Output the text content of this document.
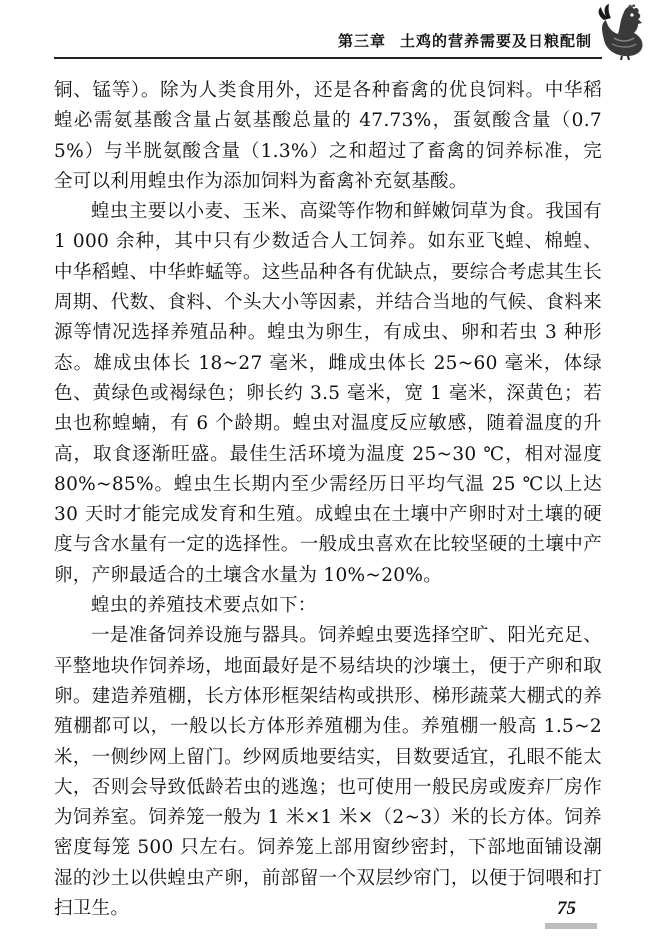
第三章 土鸡的营养需要及日粮配制

铜、锰等）。除为人类食用外，还是各种畜禽的优良饲料。中华稻蝗必需氨基酸含量占氨基酸总量的 47.73%，蛋氨酸含量（0.75%）与半胱氨酸含量（1.3%）之和超过了畜禽的饲养标准，完全可以利用蝗虫作为添加饲料为畜禽补充氨基酸。

蝗虫主要以小麦、玉米、高粱等作物和鲜嫩饲草为食。我国有 1 000 余种，其中只有少数适合人工饲养。如东亚飞蝗、棉蝗、中华稻蝗、中华蚱蜢等。这些品种各有优缺点，要综合考虑其生长周期、代数、食料、个头大小等因素，并结合当地的气候、食料来源等情况选择养殖品种。蝗虫为卵生，有成虫、卵和若虫 3 种形态。雄成虫体长 18~27 毫米，雌成虫体长 25~60 毫米，体绿色、黄绿色或褐绿色；卵长约 3.5 毫米，宽 1 毫米，深黄色；若虫也称蝗蝻，有 6 个龄期。蝗虫对温度反应敏感，随着温度的升高，取食逐渐旺盛。最佳生活环境为温度 25~30 ℃，相对湿度 80%~85%。蝗虫生长期内至少需经历日平均气温 25 ℃以上达 30 天时才能完成发育和生殖。成蝗虫在土壤中产卵时对土壤的硬度与含水量有一定的选择性。一般成虫喜欢在比较坚硬的土壤中产卵，产卵最适合的土壤含水量为 10%~20%。

蝗虫的养殖技术要点如下：

一是准备饲养设施与器具。饲养蝗虫要选择空旷、阳光充足、平整地块作饲养场，地面最好是不易结块的沙壤土，便于产卵和取卵。建造养殖棚，长方体形框架结构或拱形、梯形蔬菜大棚式的养殖棚都可以，一般以长方体形养殖棚为佳。养殖棚一般高 1.5~2 米，一侧纱网上留门。纱网质地要结实，目数要适宜，孔眼不能太大，否则会导致低龄若虫的逃逸；也可使用一般民房或废弃厂房作为饲养室。饲养笼一般为 1 米×1 米×（2~3）米的长方体。饲养密度每笼 500 只左右。饲养笼上部用窗纱密封，下部地面铺设潮湿的沙土以供蝗虫产卵，前部留一个双层纱帘门，以便于饲喂和打扫卫生。	75
